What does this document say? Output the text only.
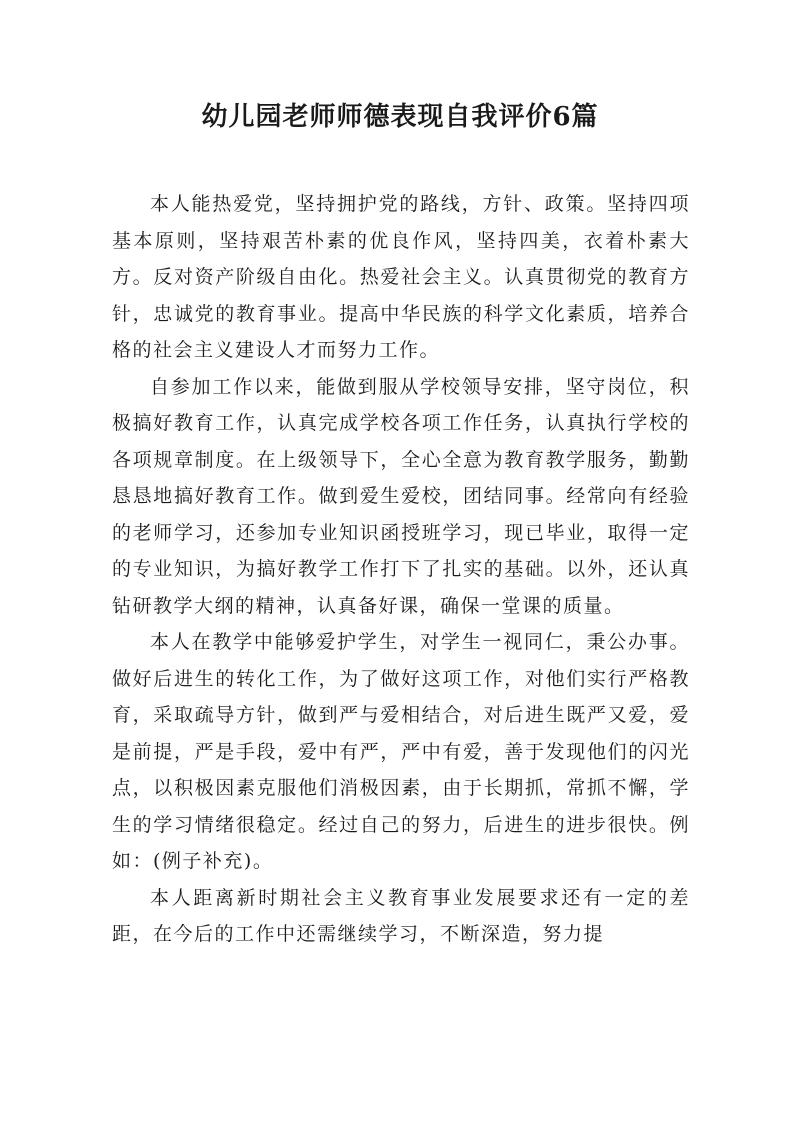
幼儿园老师师德表现自我评价6篇

本人能热爱党，坚持拥护党的路线，方针、政策。坚持四项基本原则，坚持艰苦朴素的优良作风，坚持四美，衣着朴素大方。反对资产阶级自由化。热爱社会主义。认真贯彻党的教育方针，忠诚党的教育事业。提高中华民族的科学文化素质，培养合格的社会主义建设人才而努力工作。

自参加工作以来，能做到服从学校领导安排，坚守岗位，积极搞好教育工作，认真完成学校各项工作任务，认真执行学校的各项规章制度。在上级领导下，全心全意为教育教学服务，勤勤恳恳地搞好教育工作。做到爱生爱校，团结同事。经常向有经验的老师学习，还参加专业知识函授班学习，现已毕业，取得一定的专业知识，为搞好教学工作打下了扎实的基础。以外，还认真钻研教学大纲的精神，认真备好课，确保一堂课的质量。

本人在教学中能够爱护学生，对学生一视同仁，秉公办事。做好后进生的转化工作，为了做好这项工作，对他们实行严格教育，采取疏导方针，做到严与爱相结合，对后进生既严又爱，爱是前提，严是手段，爱中有严，严中有爱，善于发现他们的闪光点，以积极因素克服他们消极因素，由于长期抓，常抓不懈，学生的学习情绪很稳定。经过自己的努力，后进生的进步很快。例如：(例子补充)。

本人距离新时期社会主义教育事业发展要求还有一定的差距，在今后的工作中还需继续学习，不断深造，努力提
